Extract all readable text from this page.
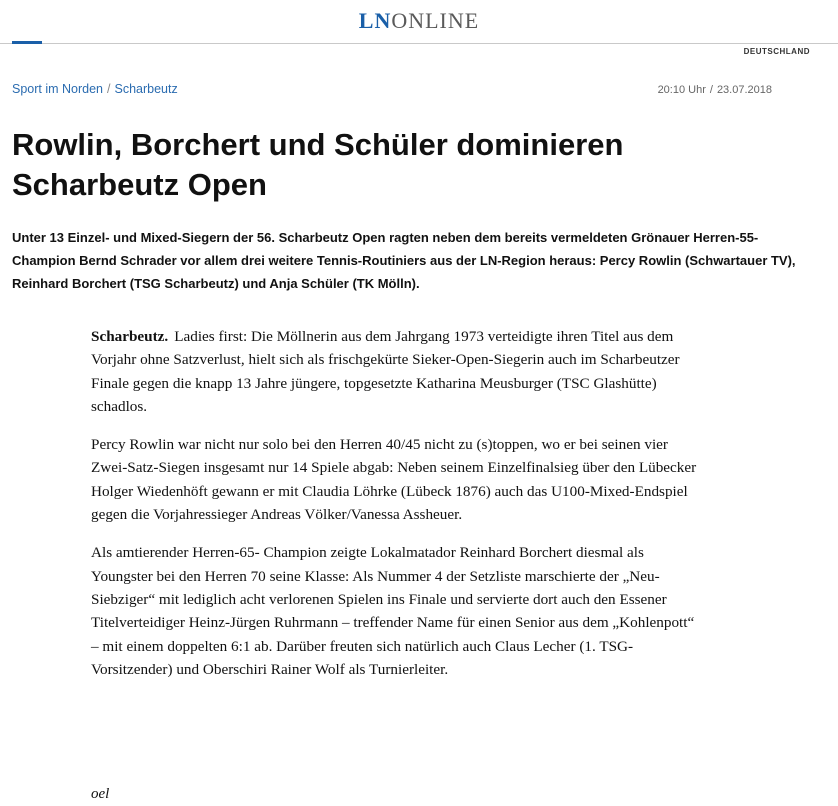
LNONLINE
DEUTSCHLAND
Sport im Norden / Scharbeutz	20:10 Uhr / 23.07.2018
Rowlin, Borchert und Schüler dominieren Scharbeutz Open

Unter 13 Einzel- und Mixed-Siegern der 56. Scharbeutz Open ragten neben dem bereits vermeldeten Grönauer Herren-55- Champion Bernd Schrader vor allem drei weitere Tennis-Routiniers aus der LN-Region heraus: Percy Rowlin (Schwartauer TV), Reinhard Borchert (TSG Scharbeutz) und Anja Schüler (TK Mölln).

Scharbeutz. Ladies first: Die Möllnerin aus dem Jahrgang 1973 verteidigte ihren Titel aus dem Vorjahr ohne Satzverlust, hielt sich als frischgekürte Sieker-Open-Siegerin auch im Scharbeutzer Finale gegen die knapp 13 Jahre jüngere, topgesetzte Katharina Meusburger (TSC Glashütte) schadlos.

Percy Rowlin war nicht nur solo bei den Herren 40/45 nicht zu (s)toppen, wo er bei seinen vier Zwei-Satz-Siegen insgesamt nur 14 Spiele abgab: Neben seinem Einzelfinalsieg über den Lübecker Holger Wiedenhöft gewann er mit Claudia Löhrke (Lübeck 1876) auch das U100-Mixed-Endspiel gegen die Vorjahressieger Andreas Völker/Vanessa Assheuer.

Als amtierender Herren-65- Champion zeigte Lokalmatador Reinhard Borchert diesmal als Youngster bei den Herren 70 seine Klasse: Als Nummer 4 der Setzliste marschierte der „Neu-Siebziger“ mit lediglich acht verlorenen Spielen ins Finale und servierte dort auch den Essener Titelverteidiger Heinz-Jürgen Ruhrmann – treffender Name für einen Senior aus dem „Kohlenpott“ – mit einem doppelten 6:1 ab. Darüber freuten sich natürlich auch Claus Lecher (1. TSG- Vorsitzender) und Oberschiri Rainer Wolf als Turnierleiter.

oel
